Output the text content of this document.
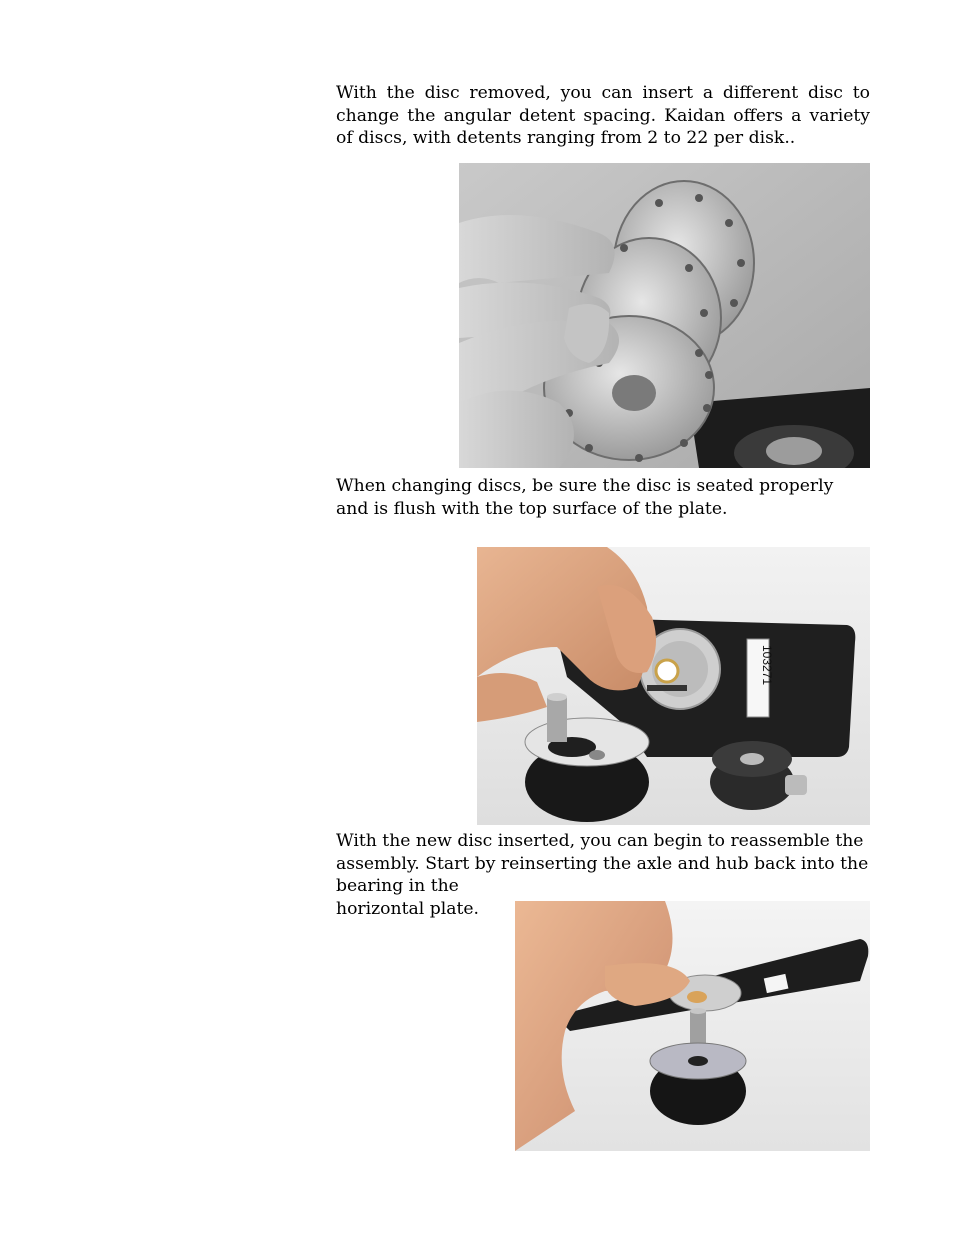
With the disc removed, you can insert a different disc to change the angular detent spacing. Kaidan offers a variety of discs, with detents ranging from 2 to 22 per disk..

When changing discs, be sure the disc is seated properly and is flush with the top surface of the plate.

103271
With the new disc inserted, you can begin to reassemble the
assembly. Start by reinserting the axle and hub back into the
bearing in the
horizontal plate.
